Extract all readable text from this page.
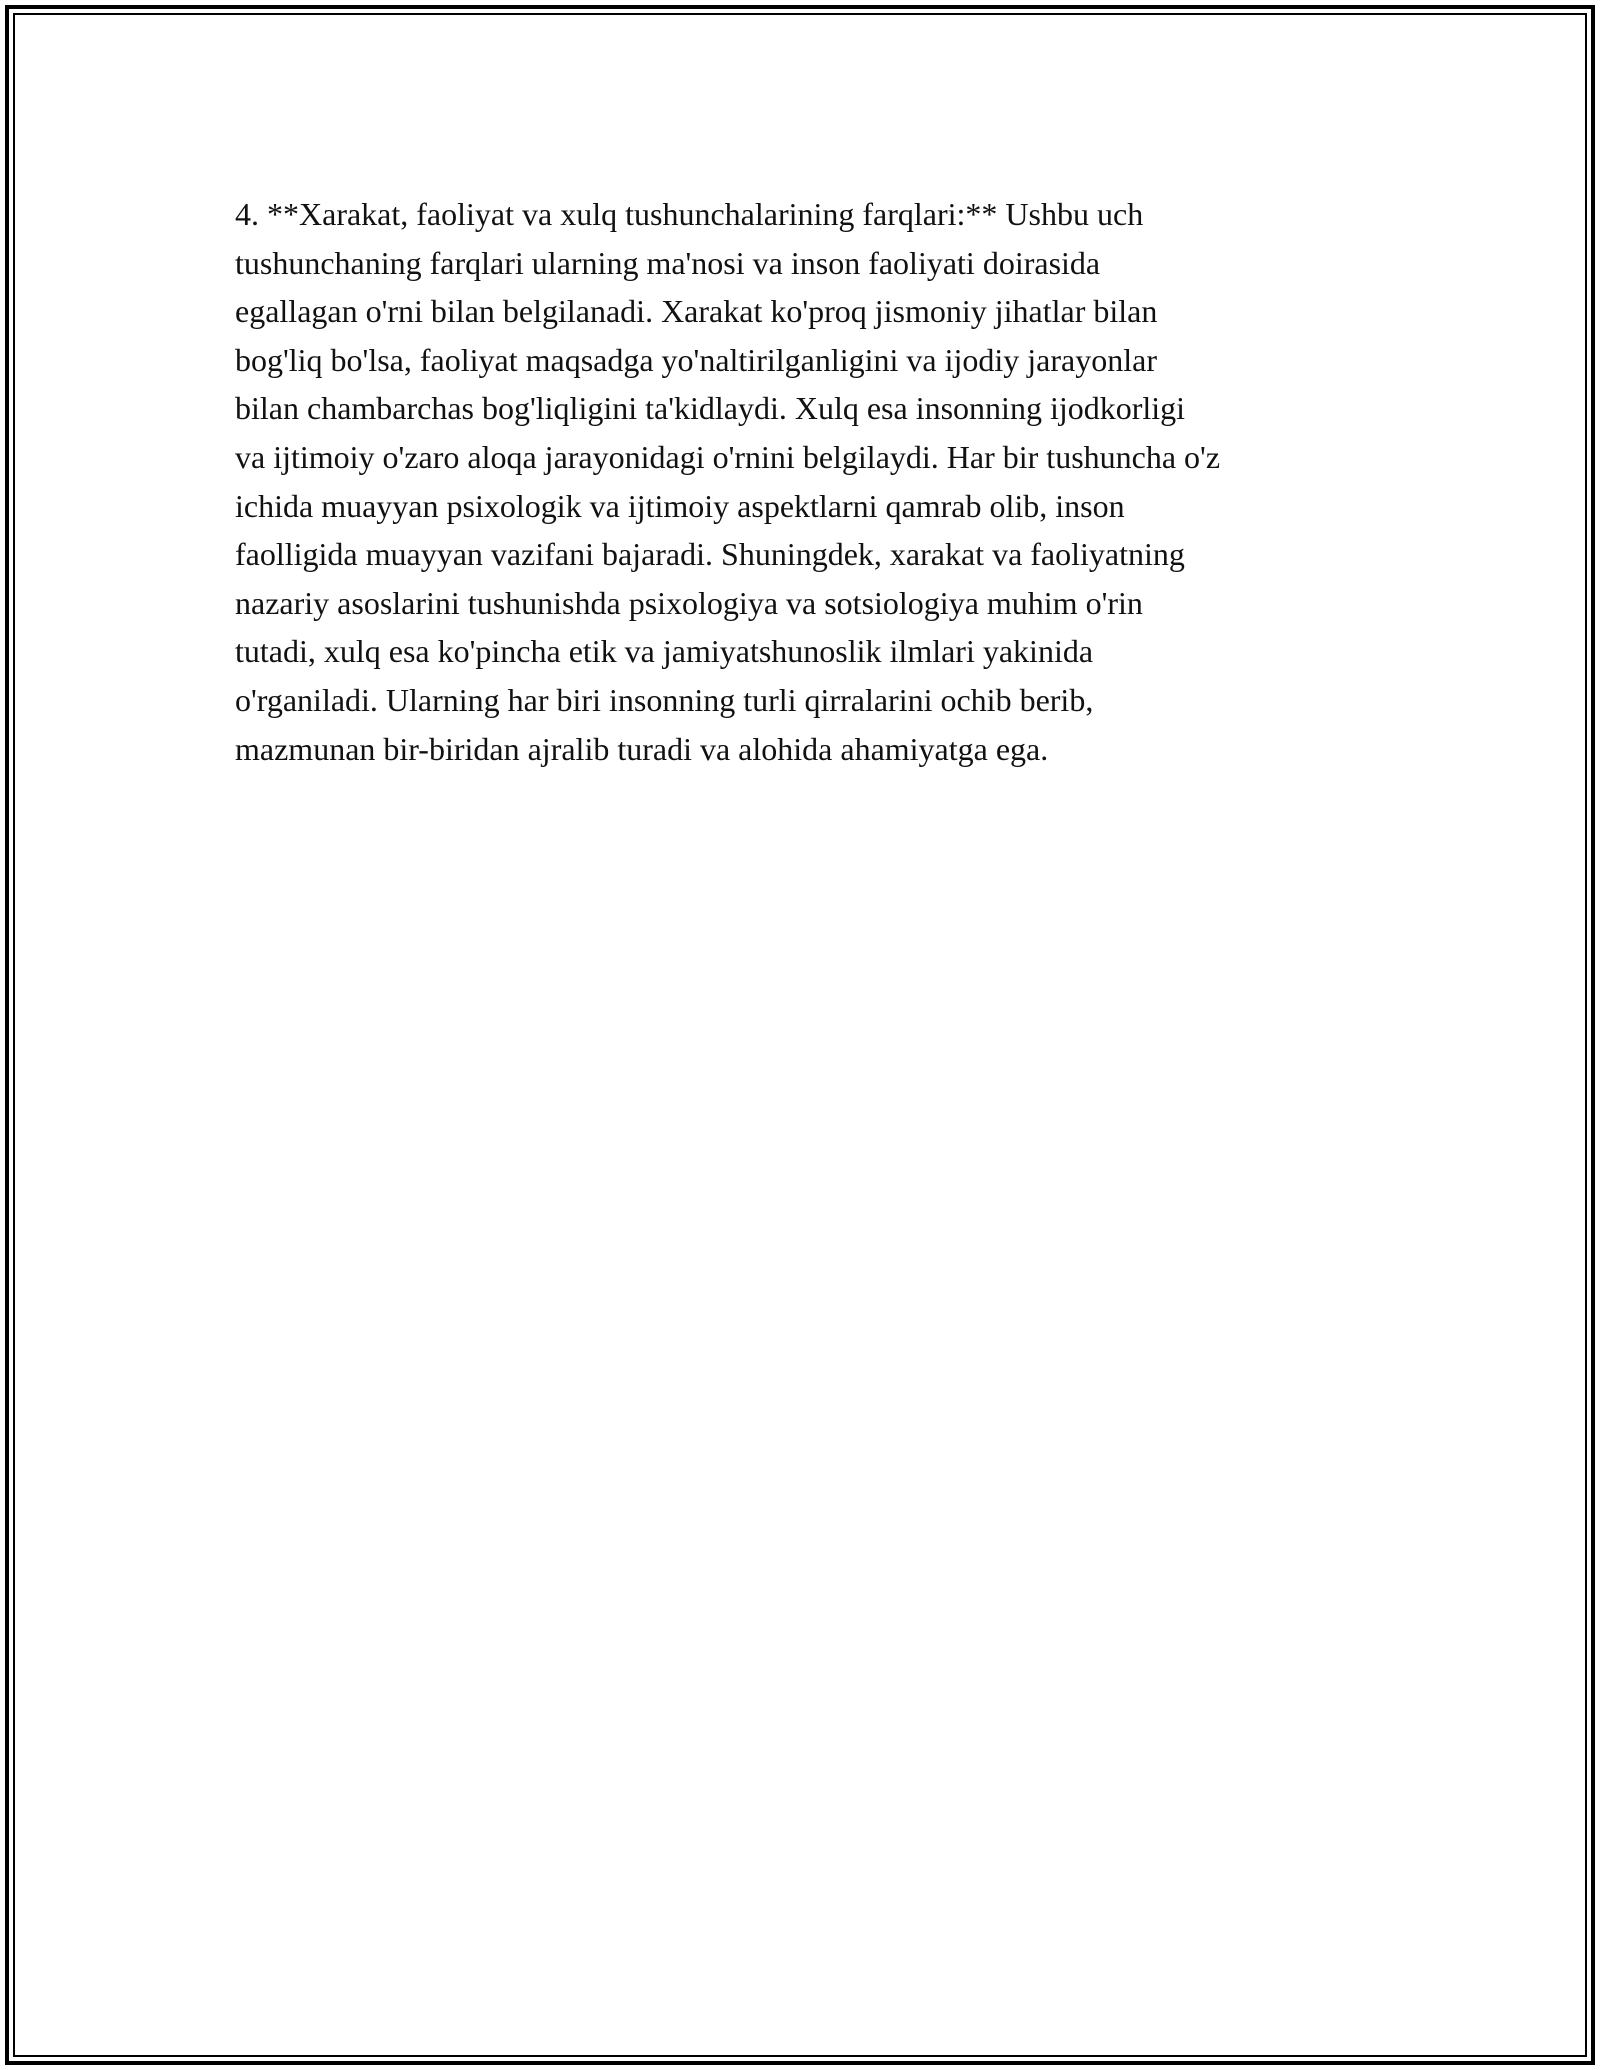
4. **Xarakat, faoliyat va xulq tushunchalarining farqlari:** Ushbu uch
tushunchaning farqlari ularning ma'nosi va inson faoliyati doirasida
egallagan o'rni bilan belgilanadi. Xarakat ko'proq jismoniy jihatlar bilan
bog'liq bo'lsa, faoliyat maqsadga yo'naltirilganligini va ijodiy jarayonlar
bilan chambarchas bog'liqligini ta'kidlaydi. Xulq esa insonning ijodkorligi
va ijtimoiy o'zaro aloqa jarayonidagi o'rnini belgilaydi. Har bir tushuncha o'z
ichida muayyan psixologik va ijtimoiy aspektlarni qamrab olib, inson
faolligida muayyan vazifani bajaradi. Shuningdek, xarakat va faoliyatning
nazariy asoslarini tushunishda psixologiya va sotsiologiya muhim o'rin
tutadi, xulq esa ko'pincha etik va jamiyatshunoslik ilmlari yakinida
o'rganiladi. Ularning har biri insonning turli qirralarini ochib berib,
mazmunan bir-biridan ajralib turadi va alohida ahamiyatga ega.
